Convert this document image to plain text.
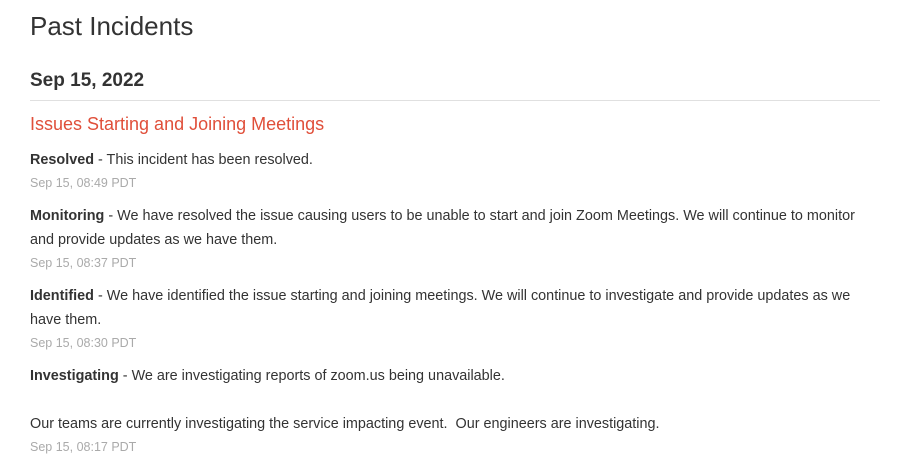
Past Incidents
Sep 15, 2022
Issues Starting and Joining Meetings

Resolved - This incident has been resolved.

Sep 15, 08:49 PDT

Monitoring - We have resolved the issue causing users to be unable to start and join Zoom Meetings. We will continue to monitor and provide updates as we have them.

Sep 15, 08:37 PDT

Identified - We have identified the issue starting and joining meetings. We will continue to investigate and provide updates as we have them.

Sep 15, 08:30 PDT

Investigating - We are investigating reports of zoom.us being unavailable.
Our teams are currently investigating the service impacting event.  Our engineers are investigating.

Sep 15, 08:17 PDT
